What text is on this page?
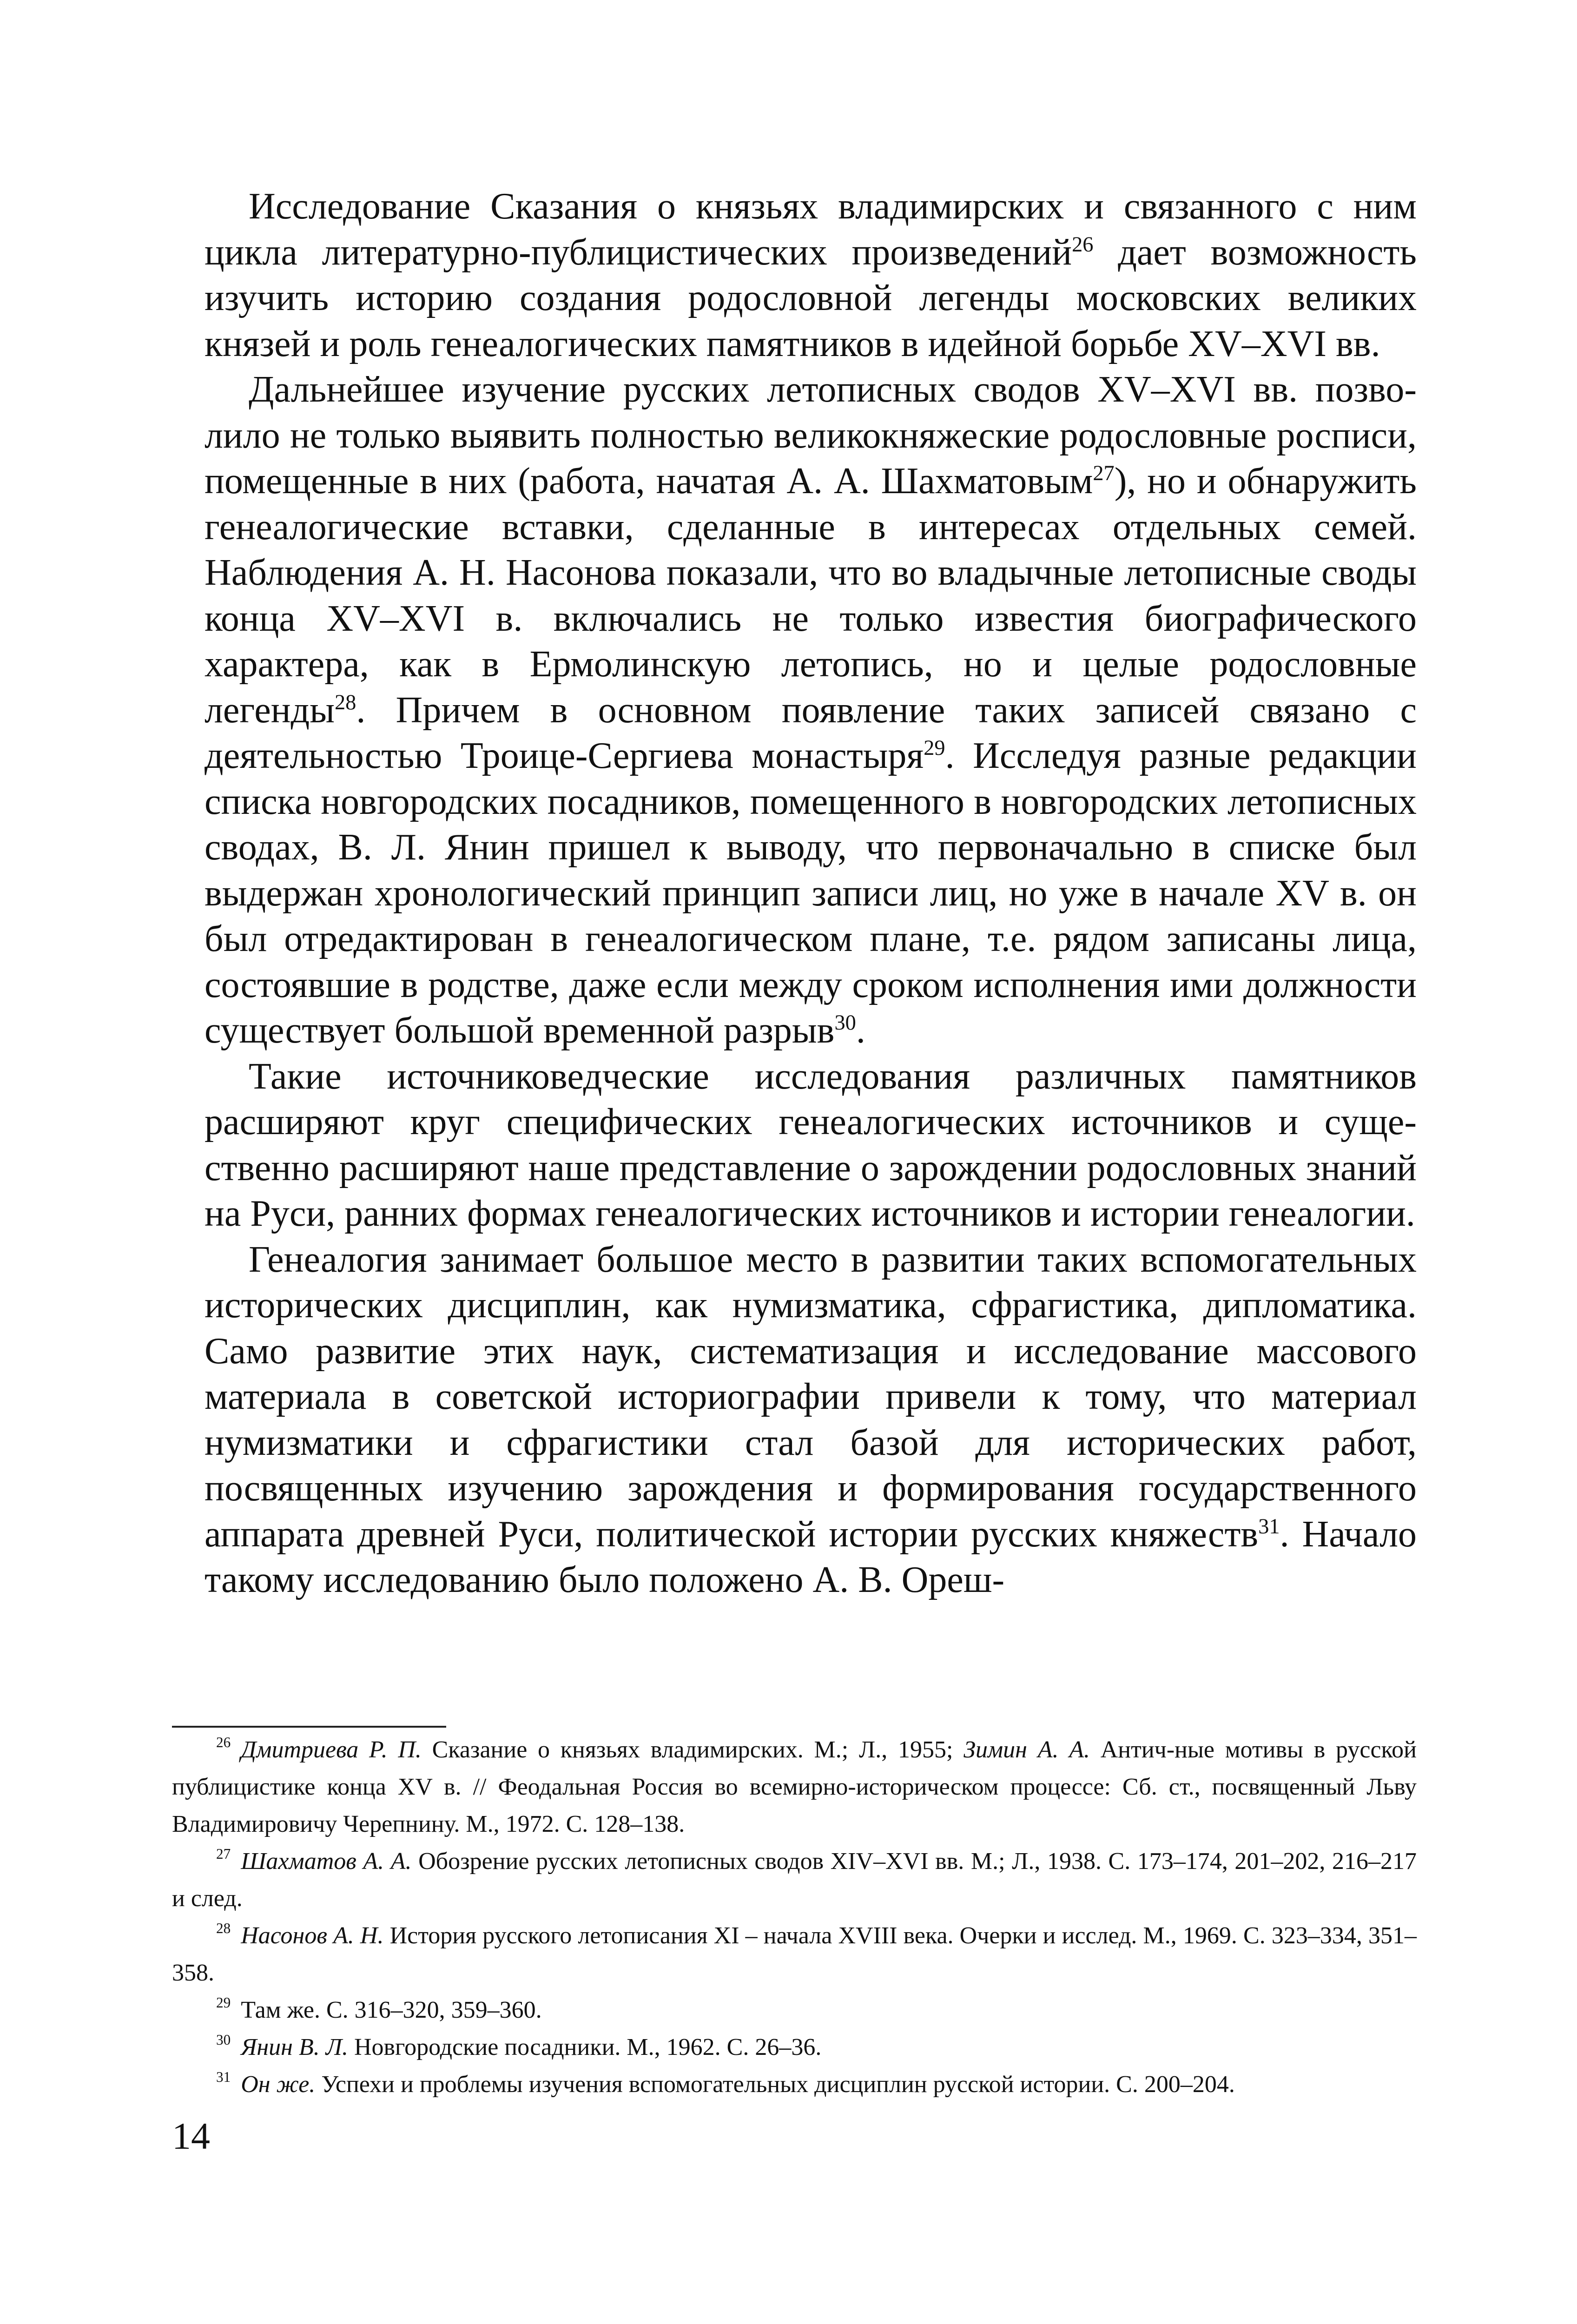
Исследование Сказания о князьях владимирских и связанного с ним цикла литературно-публицистических произведений$^{26}$ дает возможность изучить историю создания родословной легенды московских великих князей и роль генеалогических памятников в идейной борьбе XV–XVI вв.

Дальнейшее изучение русских летописных сводов XV–XVI вв. позволило не только выявить полностью великокняжеские родословные росписи, помещенные в них (работа, начатая А. А. Шахматовым$^{27}$), но и обнаружить генеалогические вставки, сделанные в интересах отдельных семей. Наблюдения А. Н. Насонова показали, что во владычные летописные своды конца XV–XVI в. включались не только известия биографического характера, как в Ермолинскую летопись, но и целые родословные легенды$^{28}$. Причем в основном появление таких записей связано с деятельностью Троице-Сергиева монастыря$^{29}$. Исследуя разные редакции списка новгородских посадников, помещенного в новгородских летописных сводах, В. Л. Янин пришел к выводу, что первоначально в списке был выдержан хронологический принцип записи лиц, но уже в начале XV в. он был отредактирован в генеалогическом плане, т.е. рядом записаны лица, состоявшие в родстве, даже если между сроком исполнения ими должности существует большой временной разрыв$^{30}$.

Такие источниковедческие исследования различных памятников расширяют круг специфических генеалогических источников и существенно расширяют наше представление о зарождении родословных знаний на Руси, ранних формах генеалогических источников и истории генеалогии.

Генеалогия занимает большое место в развитии таких вспомогательных исторических дисциплин, как нумизматика, сфрагистика, дипломатика. Само развитие этих наук, систематизация и исследование массового материала в советской историографии привели к тому, что материал нумизматики и сфрагистики стал базой для исторических работ, посвященных изучению зарождения и формирования государственного аппарата древней Руси, политической истории русских княжеств$^{31}$. Начало такому исследованию было положено А. В. Ореш-

$^{26}$ Дмитриева Р. П. Сказание о князьях владимирских. М.; Л., 1955; Зимин А. А. Антич-ные мотивы в русской публицистике конца XV в. // Феодальная Россия во всемирно-историческом процессе: Сб. ст., посвященный Льву Владимировичу Черепнину. М., 1972. С. 128–138.

$^{27}$ Шахматов А. А. Обозрение русских летописных сводов XIV–XVI вв. М.; Л., 1938. С. 173–174, 201–202, 216–217 и след.

$^{28}$ Насонов А. Н. История русского летописания XI – начала XVIII века. Очерки и исслед. М., 1969. С. 323–334, 351–358.

$^{29}$ Там же. С. 316–320, 359–360.

$^{30}$ Янин В. Л. Новгородские посадники. М., 1962. С. 26–36.

$^{31}$ Он же. Успехи и проблемы изучения вспомогательных дисциплин русской истории. С. 200–204.

14
